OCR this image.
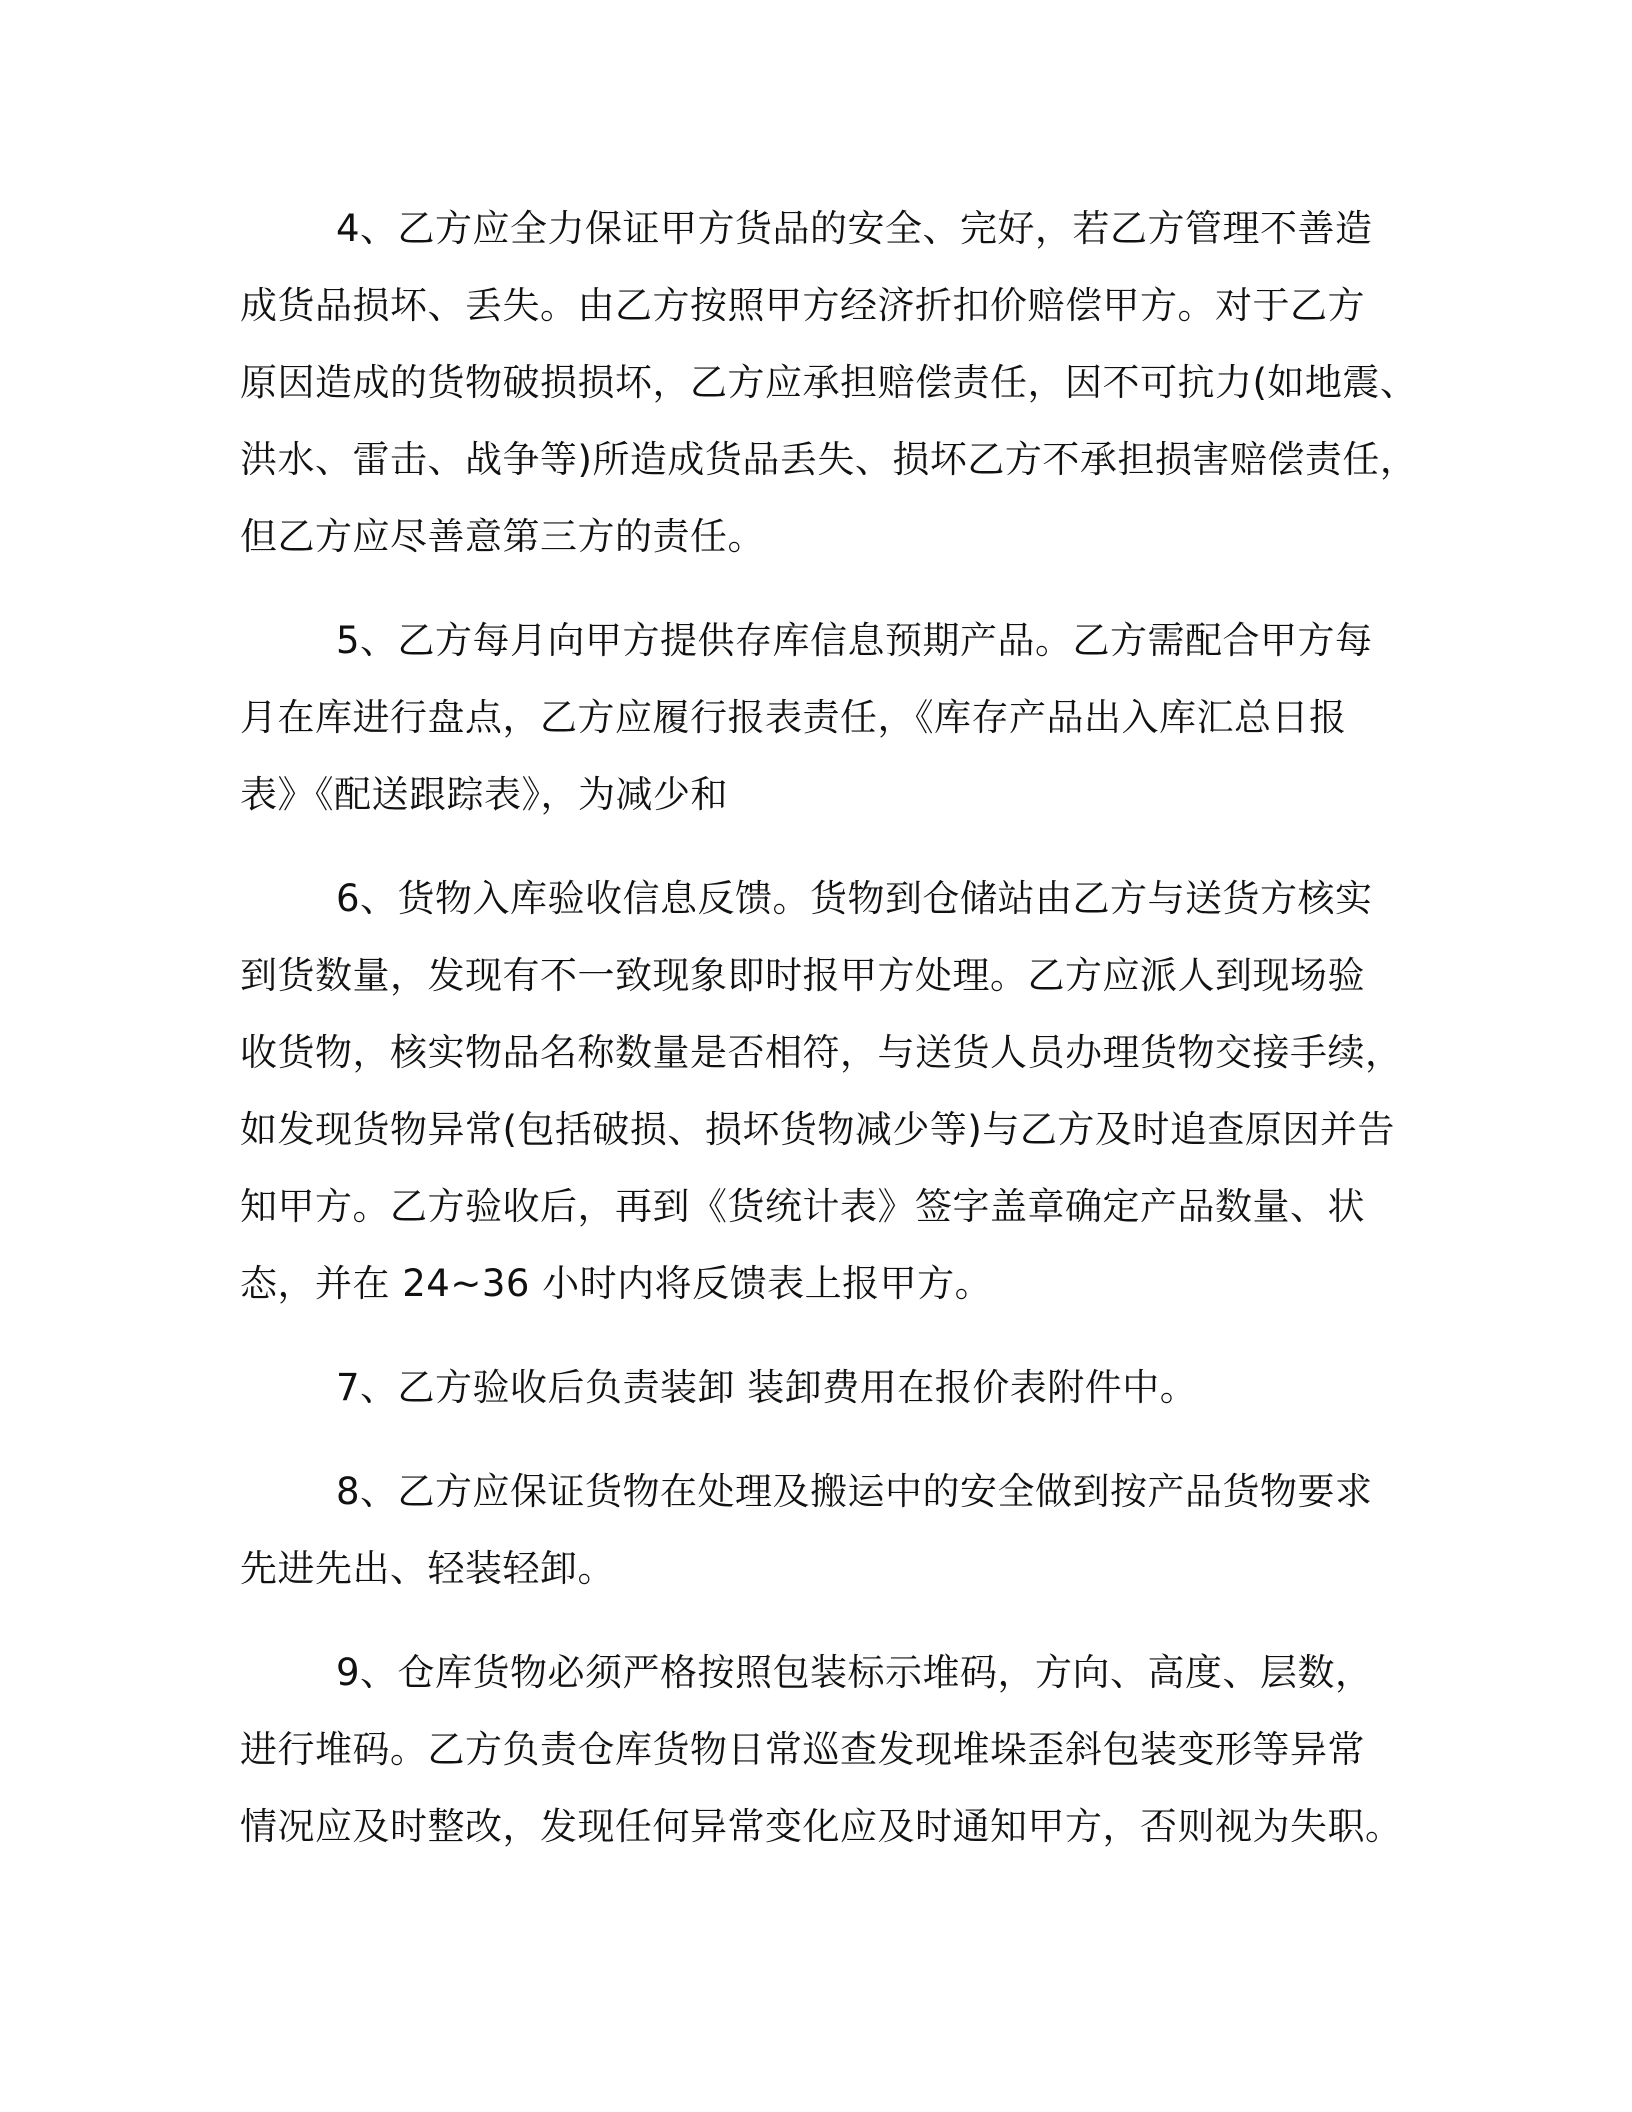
4、乙方应全力保证甲方货品的安全、完好，若乙方管理不善造
成货品损坏、丢失。由乙方按照甲方经济折扣价赔偿甲方。对于乙方
原因造成的货物破损损坏，乙方应承担赔偿责任，因不可抗力(如地震、
洪水、雷击、战争等)所造成货品丢失、损坏乙方不承担损害赔偿责任，
但乙方应尽善意第三方的责任。

5、乙方每月向甲方提供存库信息预期产品。乙方需配合甲方每
月在库进行盘点，乙方应履行报表责任，《库存产品出入库汇总日报
表》《配送跟踪表》，为减少和

6、货物入库验收信息反馈。货物到仓储站由乙方与送货方核实
到货数量，发现有不一致现象即时报甲方处理。乙方应派人到现场验
收货物，核实物品名称数量是否相符，与送货人员办理货物交接手续，
如发现货物异常(包括破损、损坏货物减少等)与乙方及时追查原因并告
知甲方。乙方验收后，再到《货统计表》签字盖章确定产品数量、状
态，并在 24~36 小时内将反馈表上报甲方。

7、乙方验收后负责装卸 装卸费用在报价表附件中。

8、乙方应保证货物在处理及搬运中的安全做到按产品货物要求
先进先出、轻装轻卸。

9、仓库货物必须严格按照包装标示堆码，方向、高度、层数，
进行堆码。乙方负责仓库货物日常巡查发现堆垛歪斜包装变形等异常
情况应及时整改，发现任何异常变化应及时通知甲方，否则视为失职。
